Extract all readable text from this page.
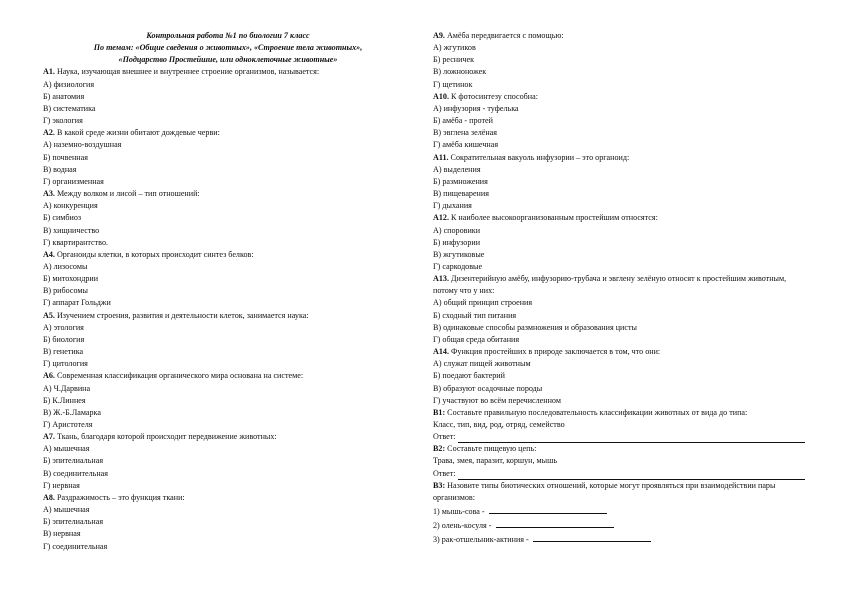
Контрольная работа №1 по биологии 7 класс
По темам: «Общие сведения о животных», «Строение тела животных»,
«Подцарство Простейшие, или одноклеточные животные»
А1. Наука, изучающая внешнее и внутреннее строение организмов, называется:
А) физиология
Б) анатомия
В) систематика
Г) экология
А2. В какой среде жизни обитают дождевые черви:
А) наземно-воздушная
Б) почвенная
В) водная
Г) организменная
А3. Между волком и лисой – тип отношений:
А) конкуренция
Б) симбиоз
В) хищничество
Г) квартирантство.
А4. Органоиды клетки, в которых происходит синтез белков:
А) лизосомы
Б) митохондрии
В) рибосомы
Г) аппарат Гольджи
А5. Изучением строения, развития и деятельности клеток, занимается наука:
А) этология
Б) биология
В) генетика
Г) цитология
А6. Современная классификация органического мира основана на системе:
А) Ч.Дарвина
Б) К.Линнея
В) Ж.-Б.Ламарка
Г) Аристотеля
А7. Ткань, благодаря которой происходит передвижение животных:
А) мышечная
Б) эпителиальная
В) соединительная
Г) нервная
А8. Раздражимость – это функция ткани:
А) мышечная
Б) эпителиальная
В) нервная
Г) соединительная
А9. Амёба передвигается с помощью:
А) жгутиков
Б) ресничек
В) ложноножек
Г) щетинок
А10. К фотосинтезу способна:
А) инфузория - туфелька
Б) амёба - протей
В) эвглена зелёная
Г) амёба кишечная
А11. Сократительная вакуоль инфузории – это органоид:
А) выделения
Б) размножения
В) пищеварения
Г) дыхания
А12. К наиболее высокоорганизованным простейшим относятся:
А) споровики
Б) инфузории
В) жгутиковые
Г) саркодовые
А13. Дизентерийную амёбу, инфузорию-трубача и эвглену зелёную относят к простейшим животным, потому что у них:
А) общий принцип строения
Б) сходный тип питания
В) одинаковые способы размножения и образования цисты
Г) общая среда обитания
А14. Функция простейших в природе заключается в том, что они:
А) служат пищей животным
Б) поедают бактерий
В) образуют осадочные породы
Г) участвуют во всём перечисленном
В1: Составьте правильную последовательность классификации животных от вида до типа:
Класс, тип, вид, род, отряд, семейство
Ответ:
В2: Составьте пищевую цепь:
Трава, змея, паразит, коршун, мышь
Ответ:
В3: Назовите типы биотических отношений, которые могут проявляться при взаимодействии пары организмов:
1) мышь-сова -
2) олень-косуля -
3) рак-отшельник-актиния -
